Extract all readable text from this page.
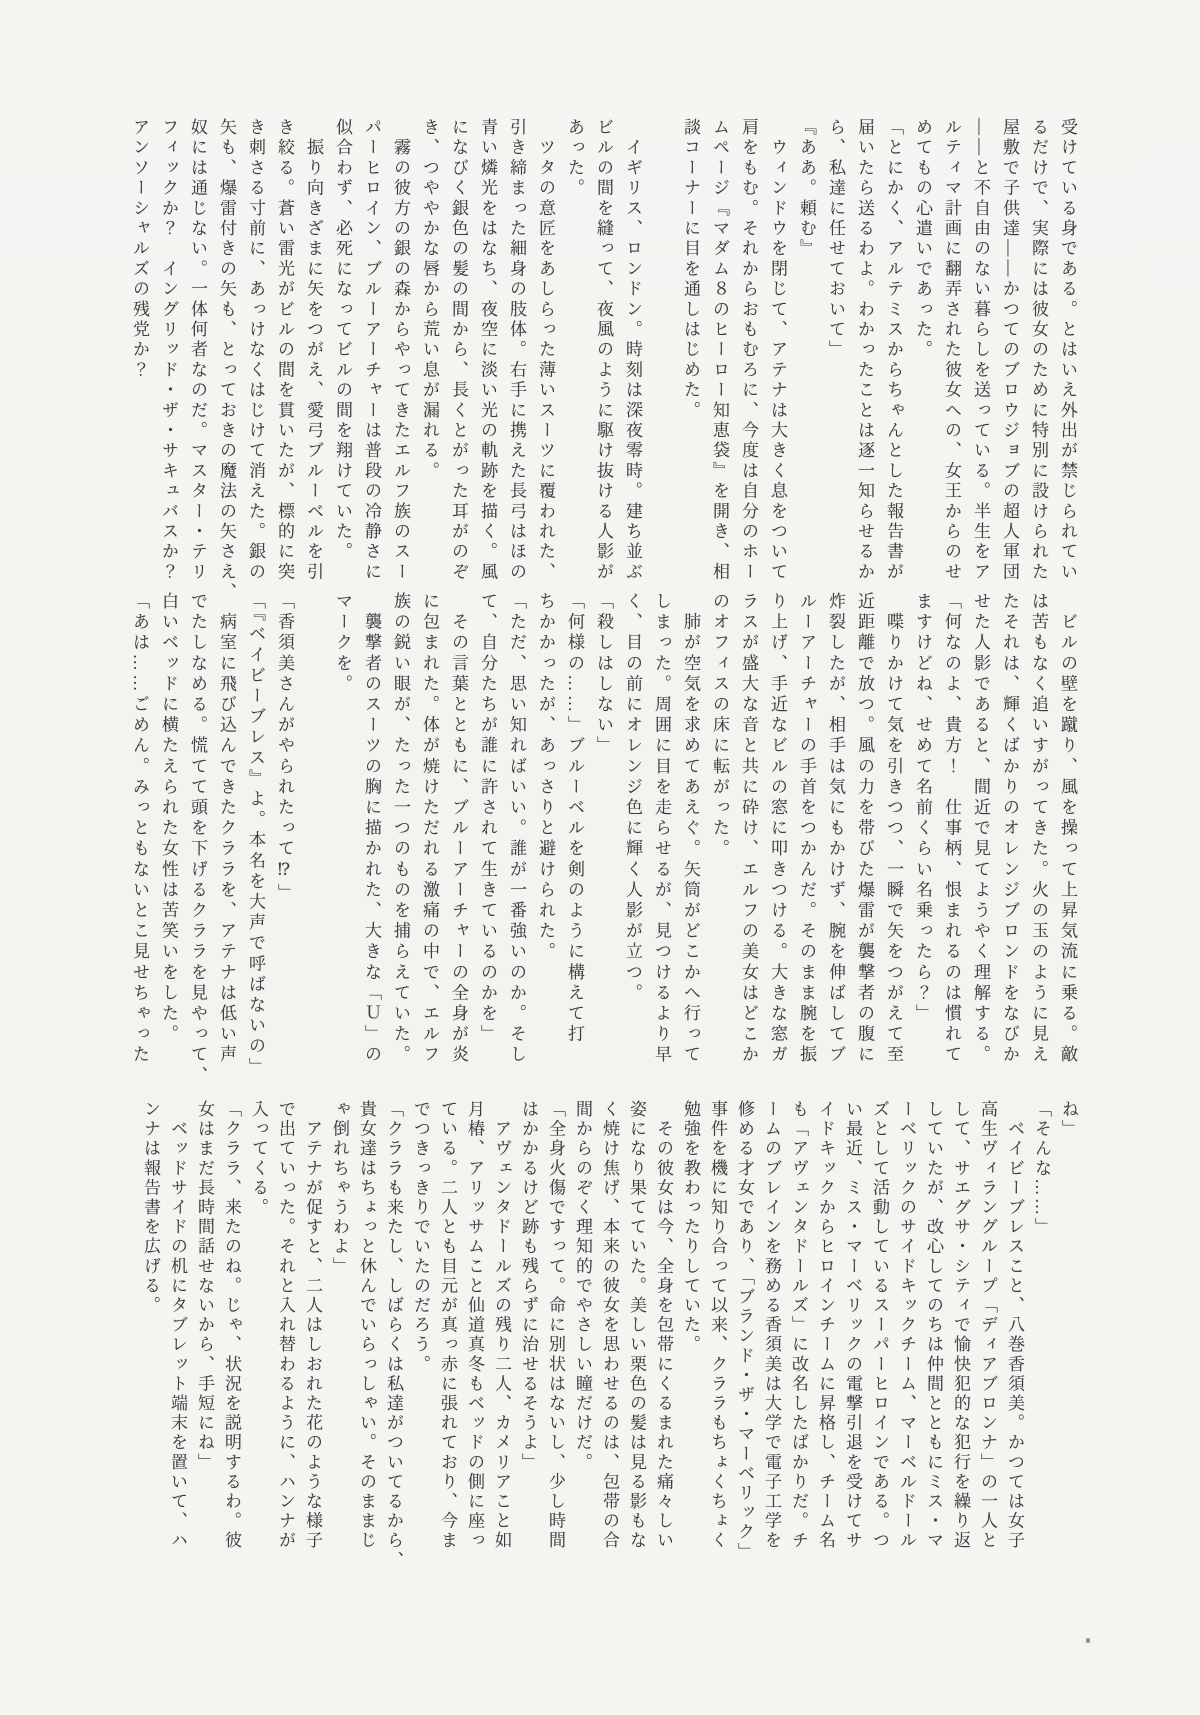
受けている身である。とはいえ外出が禁じられてい
るだけで、実際には彼女のために特別に設けられた
屋敷で子供達――かつてのブロウジョブの超人軍団
――と不自由のない暮らしを送っている。半生をア
ルティマ計画に翻弄された彼女への、女王からのせ
めてもの心遣いであった。
「とにかく、アルテミスからちゃんとした報告書が
届いたら送るわよ。わかったことは逐一知らせるか
ら、私達に任せておいて」
『ああ。頼む』
　ウィンドウを閉じて、アテナは大きく息をついて
肩をもむ。それからおもむろに、今度は自分のホー
ムページ『マダム８のヒーロー知恵袋』を開き、相
談コーナーに目を通しはじめた。
　イギリス、ロンドン。時刻は深夜零時。建ち並ぶ
ビルの間を縫って、夜風のように駆け抜ける人影が
あった。
　ツタの意匠をあしらった薄いスーツに覆われた、
引き締まった細身の肢体。右手に携えた長弓はほの
青い燐光をはなち、夜空に淡い光の軌跡を描く。風
になびく銀色の髪の間から、長くとがった耳がのぞ
き、つややかな唇から荒い息が漏れる。
　霧の彼方の銀の森からやってきたエルフ族のスー
パーヒロイン、ブルーアーチャーは普段の冷静さに
似合わず、必死になってビルの間を翔けていた。
　振り向きざまに矢をつがえ、愛弓ブルーベルを引
き絞る。蒼い雷光がビルの間を貫いたが、標的に突
き刺さる寸前に、あっけなくはじけて消えた。銀の
矢も、爆雷付きの矢も、とっておきの魔法の矢さえ、
奴には通じない。一体何者なのだ。マスター・テリ
フィックか？　イングリッド・ザ・サキュバスか？
アンソーシャルズの残党か？
　ビルの壁を蹴り、風を操って上昇気流に乗る。敵
は苦もなく追いすがってきた。火の玉のように見え
たそれは、輝くばかりのオレンジブロンドをなびか
せた人影であると、間近で見てようやく理解する。
「何なのよ、貴方！　仕事柄、恨まれるのは慣れて
ますけどね、せめて名前くらい名乗ったら？」
　喋りかけて気を引きつつ、一瞬で矢をつがえて至
近距離で放つ。風の力を帯びた爆雷が襲撃者の腹に
炸裂したが、相手は気にもかけず、腕を伸ばしてブ
ルーアーチャーの手首をつかんだ。そのまま腕を振
り上げ、手近なビルの窓に叩きつける。大きな窓ガ
ラスが盛大な音と共に砕け、エルフの美女はどこか
のオフィスの床に転がった。
　肺が空気を求めてあえぐ。矢筒がどこかへ行って
しまった。周囲に目を走らせるが、見つけるより早
く、目の前にオレンジ色に輝く人影が立つ。
「殺しはしない」
「何様の……」ブルーベルを剣のように構えて打
ちかかったが、あっさりと避けられた。
「ただ、思い知ればいい。誰が一番強いのか。そし
て、自分たちが誰に許されて生きているのかを」
　その言葉とともに、ブルーアーチャーの全身が炎
に包まれた。体が焼けただれる激痛の中で、エルフ
族の鋭い眼が、たった一つのものを捕らえていた。
　襲撃者のスーツの胸に描かれた、大きな「Ｕ」の
マークを。
「香須美さんがやられたって⁉」
「『ベイビーブレス』よ。本名を大声で呼ばないの」
　病室に飛び込んできたクララを、アテナは低い声
でたしなめる。慌てて頭を下げるクララを見やって、
白いベッドに横たえられた女性は苦笑いをした。
「あは……ごめん。みっともないとこ見せちゃった
ね」
「そんな……」
　ベイビーブレスこと、八巻香須美。かつては女子
高生ヴィラングループ「ディアブロンナ」の一人と
して、サエグサ・シティで愉快犯的な犯行を繰り返
していたが、改心してのちは仲間とともにミス・マ
ーベリックのサイドキックチーム、マーベルドール
ズとして活動しているスーパーヒロインである。つ
い最近、ミス・マーベリックの電撃引退を受けてサ
イドキックからヒロインチームに昇格し、チーム名
も「アヴェンタドールズ」に改名したばかりだ。チ
ームのブレインを務める香須美は大学で電子工学を
修める才女であり、「ブランド・ザ・マーベリック」
事件を機に知り合って以来、クララもちょくちょく
勉強を教わったりしていた。
　その彼女は今、全身を包帯にくるまれた痛々しい
姿になり果てていた。美しい栗色の髪は見る影もな
く焼け焦げ、本来の彼女を思わせるのは、包帯の合
間からのぞく理知的でやさしい瞳だけだ。
「全身火傷ですって。命に別状はないし、少し時間
はかかるけど跡も残らずに治せるそうよ」
　アヴェンタドールズの残り二人、カメリアこと如
月椿、アリッサムこと仙道真冬もベッドの側に座っ
ている。二人とも目元が真っ赤に張れており、今ま
でつきっきりでいたのだろう。
「クララも来たし、しばらくは私達がついてるから、
貴女達はちょっと休んでいらっしゃい。そのままじ
ゃ倒れちゃうわよ」
　アテナが促すと、二人はしおれた花のような様子
で出ていった。それと入れ替わるように、ハンナが
入ってくる。
「クララ、来たのね。じゃ、状況を説明するわ。彼
女はまだ長時間話せないから、手短にね」
　ベッドサイドの机にタブレット端末を置いて、ハ
ンナは報告書を広げる。
